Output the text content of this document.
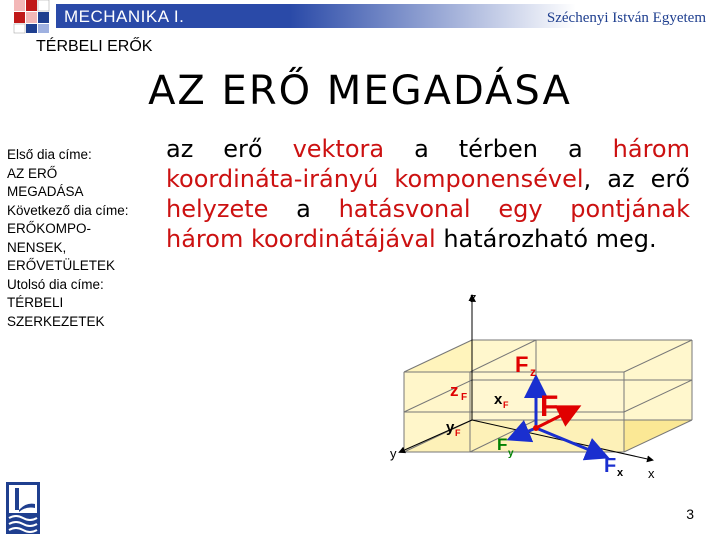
MECHANIKA I.	Széchenyi István Egyetem
TÉRBELI ERŐK
AZ ERŐ MEGADÁSA
Első dia címe:
AZ ERŐ
MEGADÁSA
Következő dia címe:
ERŐKOMPO-
NENSEK,
ERŐVETÜLETEK
Utolsó dia címe:
TÉRBELI
SZERKEZETEK
az erő vektora a térben a három koordináta-irányú komponensével, az erő helyzete a hatásvonal egy pontjának három koordinátájával határozható meg.
z
x
y
F z
F
z F x F
y F
F y
F x
3
